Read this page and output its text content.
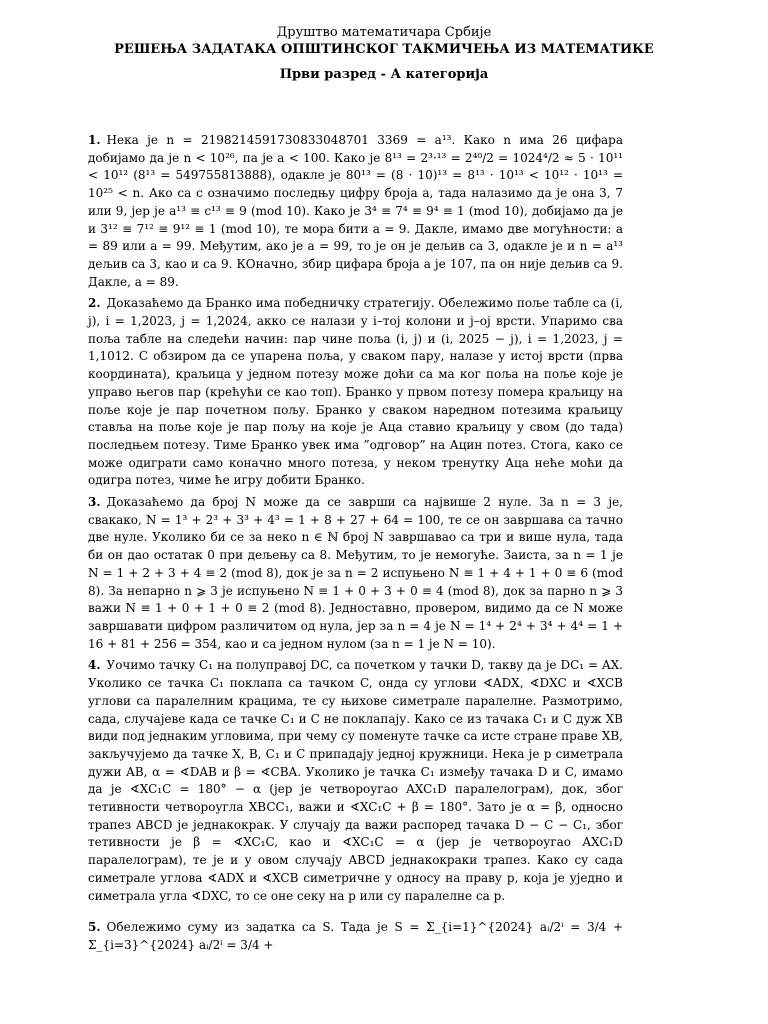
Друштво математичара Србије
РЕШЕЊА ЗАДАТАКА ОПШТИНСКОГ ТАКМИЧЕЊА ИЗ МАТЕМАТИКЕ
Први разред - А категорија

1. Нека је n = 2198214591730833048701 3369 = a¹³. Како n има 26 цифара добијамо да је n < 10²⁶, па је a < 100. Како је 8¹³ = 2³·¹³ = 2⁴⁰/2 = 1024⁴/2 ≈ 5 · 10¹¹ < 10¹² (8¹³ = 549755813888), одакле је 80¹³ = (8 · 10)¹³ = 8¹³ · 10¹³ < 10¹² · 10¹³ = 10²⁵ < n. Ако са c означимо последњу цифру броја a, тада налазимо да је она 3, 7 или 9, јер је a¹³ ≡ c¹³ ≡ 9 (mod 10). Како је 3⁴ ≡ 7⁴ ≡ 9⁴ ≡ 1 (mod 10), добијамо да је и 3¹² ≡ 7¹² ≡ 9¹² ≡ 1 (mod 10), те мора бити a = 9. Дакле, имамо две могућности: a = 89 или a = 99. Међутим, ако је a = 99, то је он је дељив са 3, одакле је и n = a¹³ дељив са 3, као и са 9. КОначно, збир цифара броја a је 107, па он није дељив са 9. Дакле, a = 89.

2. Доказаћемо да Бранко има победничку стратегију. Обележимо поље табле са (i, j), i = 1,2023, j = 1,2024, акко се налази у i–тој колони и j–ој врсти. Упаримо сва поља табле на следећи начин: пар чине поља (i, j) и (i, 2025 − j), i = 1,2023, j = 1,1012. С обзиром да се упарена поља, у сваком пару, налазе у истој врсти (прва координата), краљица у једном потезу може доћи са ма ког поља на поље које је управо његов пар (крећући се као топ). Бранко у првом потезу помера краљицу на поље које је пар почетном пољу. Бранко у сваком наредном потезима краљицу ставља на поље које је пар пољу на које је Аца ставио краљицу у свом (до тада) последњем потезу. Тиме Бранко увек има ”одговор” на Ацин потез. Стога, како се може одиграти само коначно много потеза, у неком тренутку Аца неће моћи да одигра потез, чиме ће игру добити Бранко.

3. Доказаћемо да број N може да се заврши са највише 2 нуле. За n = 3 је, свакако, N = 1³ + 2³ + 3³ + 4³ = 1 + 8 + 27 + 64 = 100, те се он завршава са тачно две нуле. Уколико би се за неко n ∈ ℕ број N завршавао са три и више нула, тада би он дао остатак 0 при дељењу са 8. Међутим, то је немогуће. Заиста, за n = 1 је N = 1 + 2 + 3 + 4 ≡ 2 (mod 8), док је за n = 2 испуњено N ≡ 1 + 4 + 1 + 0 ≡ 6 (mod 8). За непарно n ⩾ 3 је испуњено N ≡ 1 + 0 + 3 + 0 ≡ 4 (mod 8), док за парно n ⩾ 3 важи N ≡ 1 + 0 + 1 + 0 ≡ 2 (mod 8). Једноставно, провером, видимо да се N може завршавати цифром различитом од нула, јер за n = 4 је N = 1⁴ + 2⁴ + 3⁴ + 4⁴ = 1 + 16 + 81 + 256 = 354, као и са једном нулом (за n = 1 је N = 10).

4. Уочимо тачку C₁ на полуправој DC, са почетком у тачки D, такву да је DC₁ = AX. Уколико се тачка C₁ поклапа са тачком C, онда су углови ∢ADX, ∢DXC и ∢XCB углови са паралелним крацима, те су њихове симетрале паралелне. Размотримо, сада, случајеве када се тачке C₁ и C не поклапају. Како се из тачака C₁ и C дуж XB види под једнаким угловима, при чему су поменуте тачке са исте стране праве XB, закључујемо да тачке X, B, C₁ и C припадају једној кружници. Нека је p симетрала дужи AB, α = ∢DAB и β = ∢CBA. Уколико је тачка C₁ између тачака D и C, имамо да је ∢XC₁C = 180° − α (јер је четвороугао AXC₁D паралелограм), док, због тетивности четвороугла XBCC₁, важи и ∢XC₁C + β = 180°. Зато је α = β, односно трапез ABCD је једнакокрак. У случају да важи распоред тачака D − C − C₁, због тетивности је β = ∢XC₁C, као и ∢XC₁C = α (јер је четвороугао AXC₁D паралелограм), те је и у овом случају ABCD једнакокраки трапез. Како су сада симетрале углова ∢ADX и ∢XCB симетричне у односу на праву p, која је уједно и симетрала угла ∢DXC, то се оне секу на p или су паралелне са p.

5. Обележимо суму из задатка са S. Тада је S = Σ_{i=1}^{2024} aᵢ/2ⁱ = 3/4 + Σ_{i=3}^{2024} aᵢ/2ⁱ = 3/4 +
